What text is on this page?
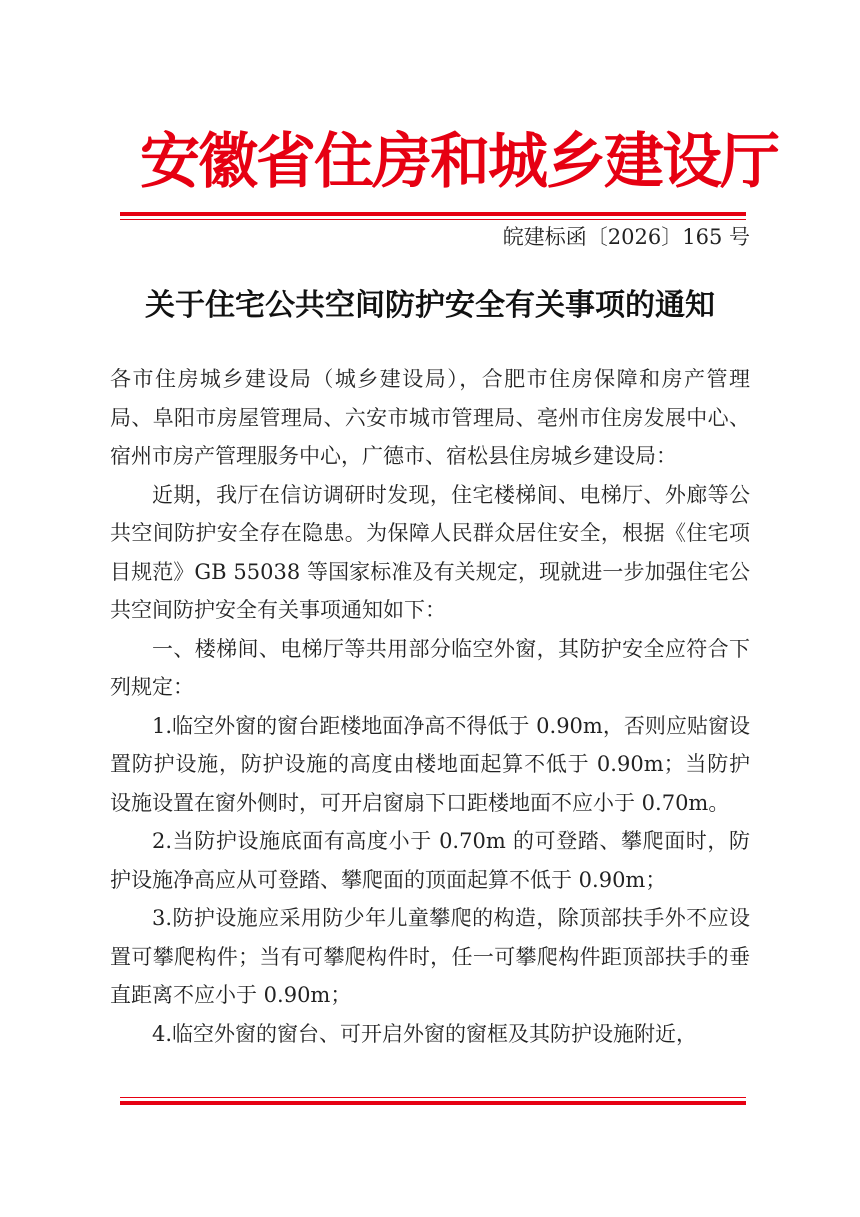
安徽省住房和城乡建设厅
皖建标函〔2026〕165 号
关于住宅公共空间防护安全有关事项的通知

各市住房城乡建设局（城乡建设局），合肥市住房保障和房产管理局、阜阳市房屋管理局、六安市城市管理局、亳州市住房发展中心、宿州市房产管理服务中心，广德市、宿松县住房城乡建设局：

近期，我厅在信访调研时发现，住宅楼梯间、电梯厅、外廊等公共空间防护安全存在隐患。为保障人民群众居住安全，根据《住宅项目规范》GB 55038 等国家标准及有关规定，现就进一步加强住宅公共空间防护安全有关事项通知如下：

一、楼梯间、电梯厅等共用部分临空外窗，其防护安全应符合下列规定：

1.临空外窗的窗台距楼地面净高不得低于 0.90m，否则应贴窗设置防护设施，防护设施的高度由楼地面起算不低于 0.90m；当防护设施设置在窗外侧时，可开启窗扇下口距楼地面不应小于 0.70m。

2.当防护设施底面有高度小于 0.70m 的可登踏、攀爬面时，防护设施净高应从可登踏、攀爬面的顶面起算不低于 0.90m；

3.防护设施应采用防少年儿童攀爬的构造，除顶部扶手外不应设置可攀爬构件；当有可攀爬构件时，任一可攀爬构件距顶部扶手的垂直距离不应小于 0.90m；

4.临空外窗的窗台、可开启外窗的窗框及其防护设施附近，
